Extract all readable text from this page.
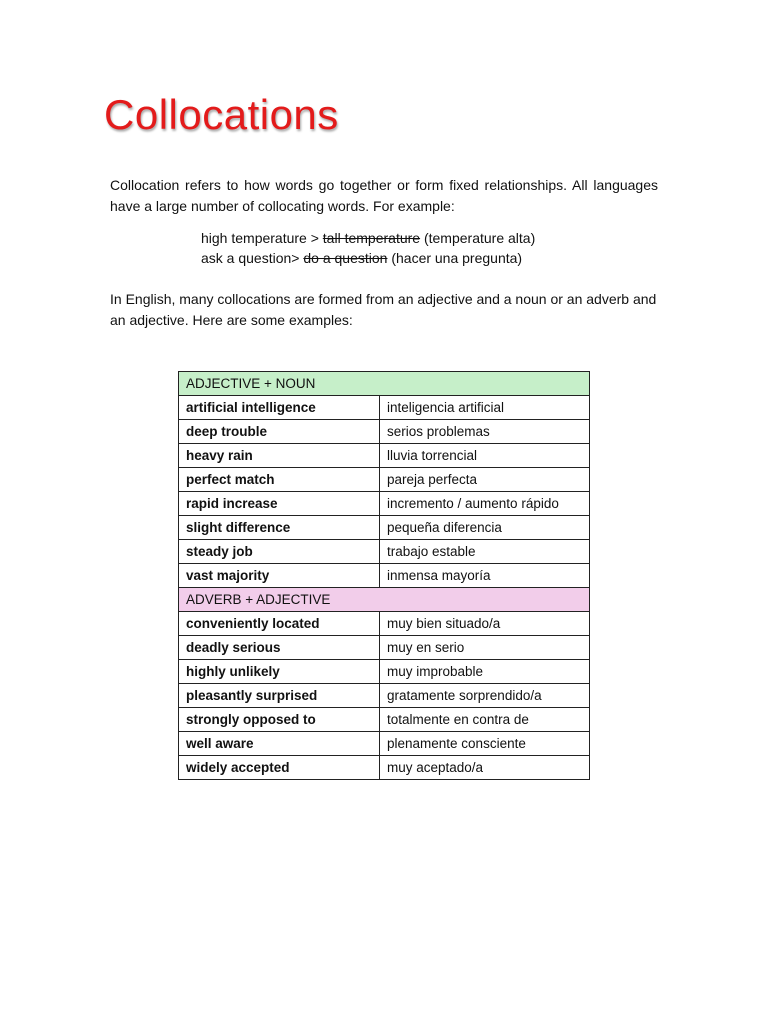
Collocations

Collocation refers to how words go together or form fixed relationships. All languages have a large number of collocating words. For example:

high temperature > tall temperature (temperature alta)
ask a question> do a question (hacer una pregunta)

In English, many collocations are formed from an adjective and a noun or an adverb and an adjective. Here are some examples:

ADJECTIVE + NOUN	
artificial intelligence	inteligencia artificial
deep trouble	serios problemas
heavy rain	lluvia torrencial
perfect match	pareja perfecta
rapid increase	incremento / aumento rápido
slight difference	pequeña diferencia
steady job	trabajo estable
vast majority	inmensa mayoría
ADVERB + ADJECTIVE	
conveniently located	muy bien situado/a
deadly serious	muy en serio
highly unlikely	muy improbable
pleasantly surprised	gratamente sorprendido/a
strongly opposed to	totalmente en contra de
well aware	plenamente consciente
widely accepted	muy aceptado/a
